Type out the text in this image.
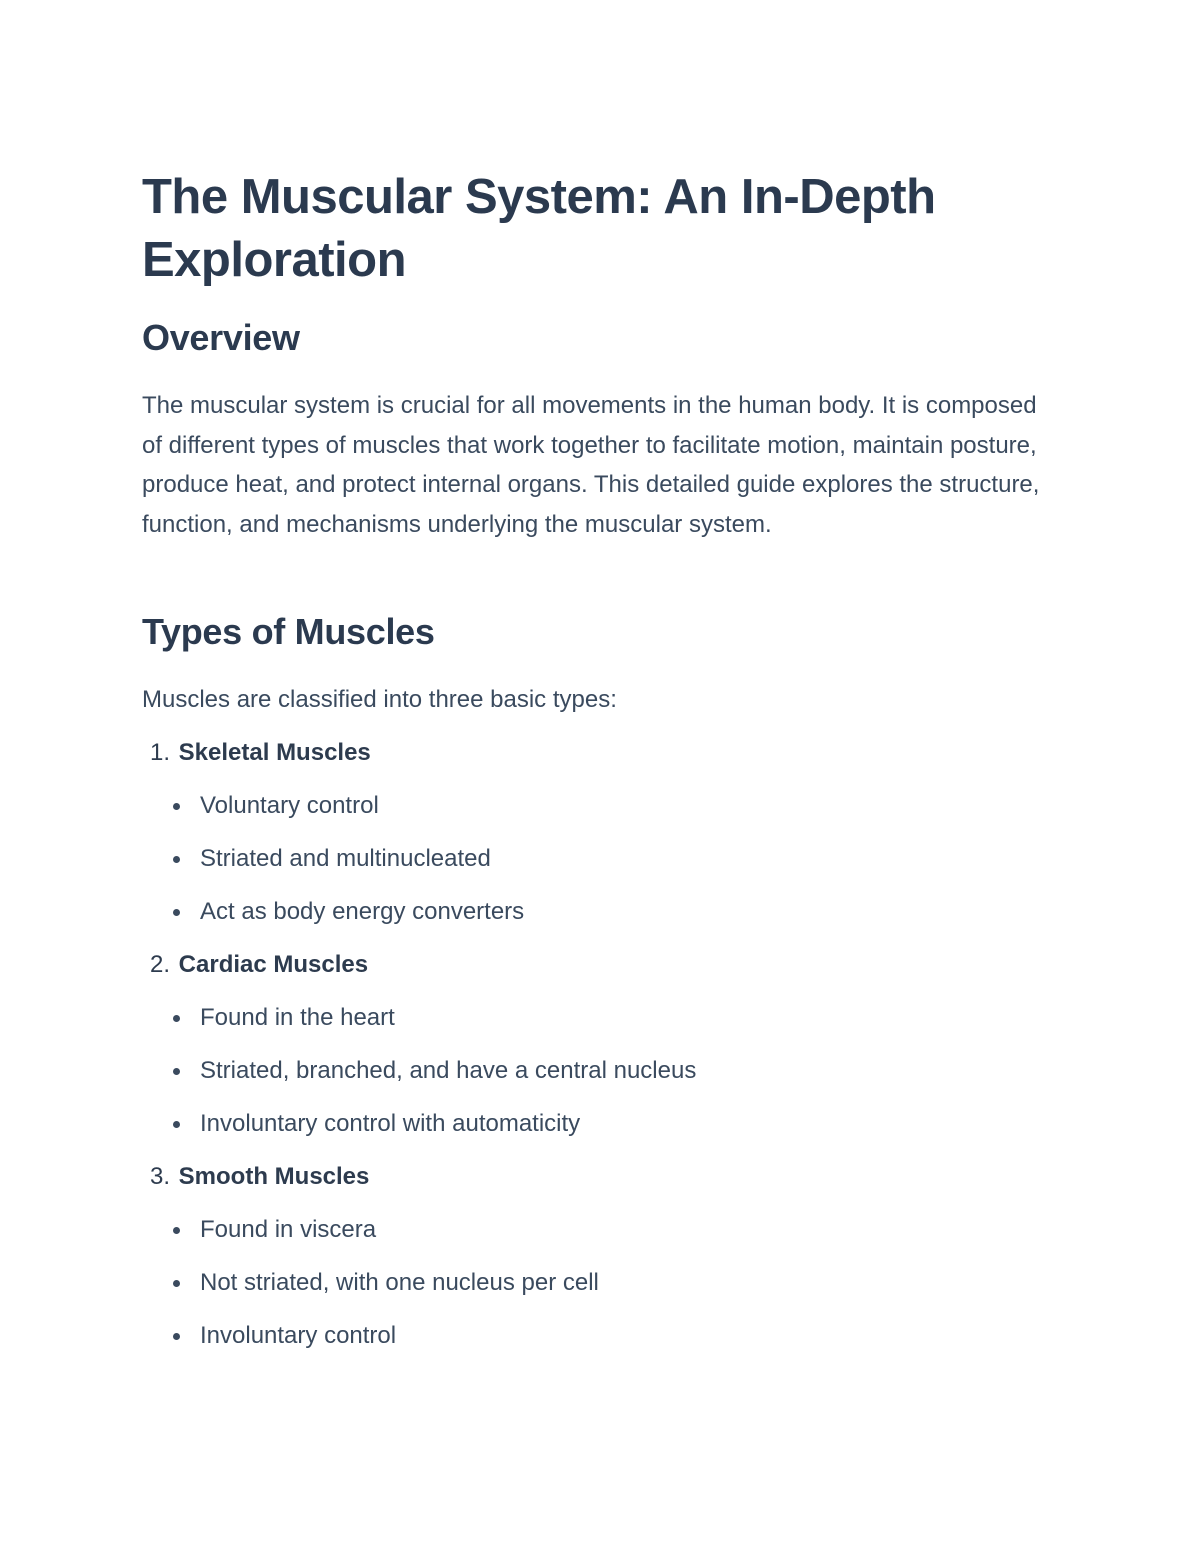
The Muscular System: An In-Depth Exploration
Overview

The muscular system is crucial for all movements in the human body. It is composed of different types of muscles that work together to facilitate motion, maintain posture, produce heat, and protect internal organs. This detailed guide explores the structure, function, and mechanisms underlying the muscular system.

Types of Muscles

Muscles are classified into three basic types:

1. Skeletal Muscles
Voluntary control
Striated and multinucleated
Act as body energy converters
2. Cardiac Muscles
Found in the heart
Striated, branched, and have a central nucleus
Involuntary control with automaticity
3. Smooth Muscles
Found in viscera
Not striated, with one nucleus per cell
Involuntary control
